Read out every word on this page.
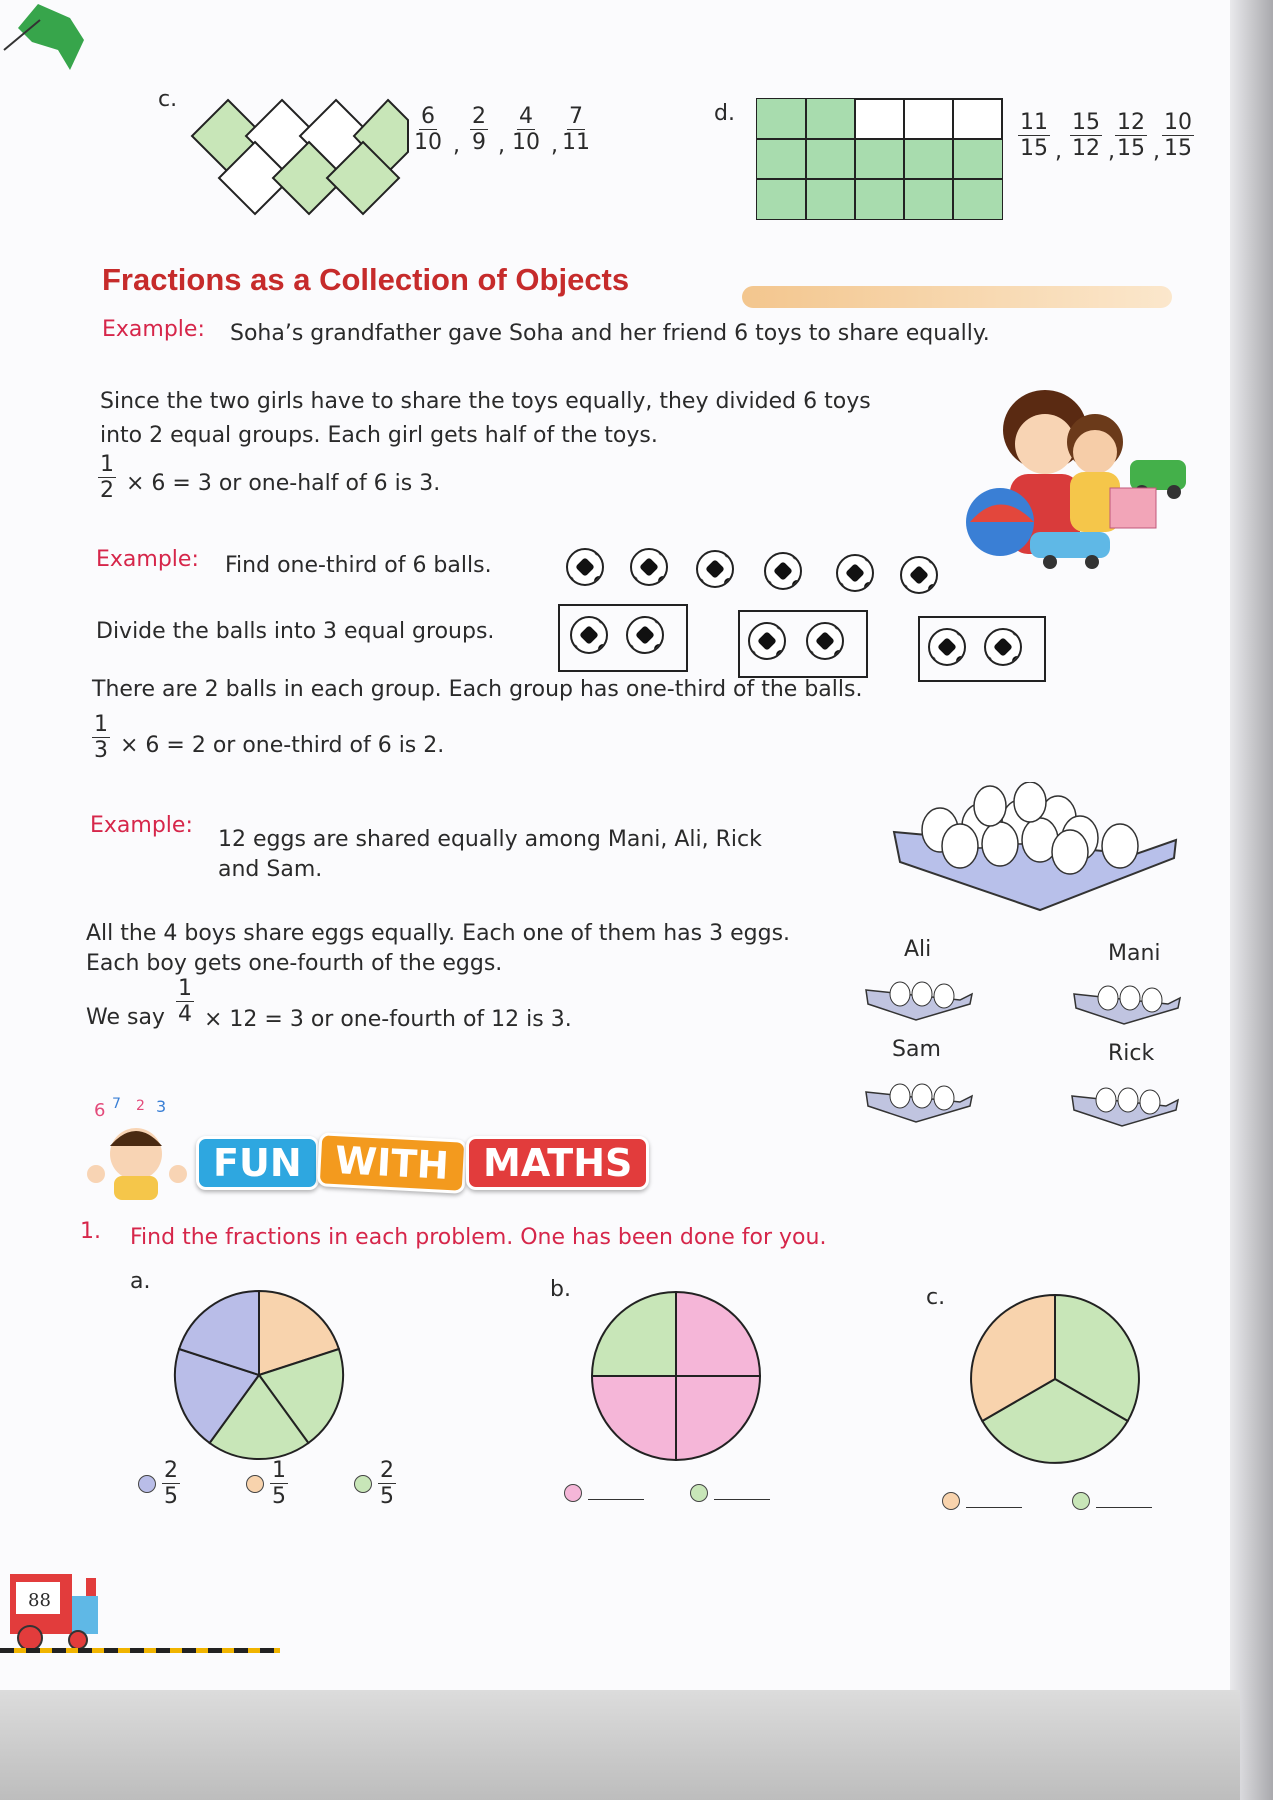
c.
$\frac{6}{10}$ , $\frac{2}{9}$ , $\frac{4}{10}$ , $\frac{7}{11}$	d.	$\frac{11}{15}$ , $\frac{15}{12}$ , $\frac{12}{15}$ , $\frac{10}{15}$
Fractions as a Collection of Objects
Example: Soha’s grandfather gave Soha and her friend 6 toys to share equally.
Since the two girls have to share the toys equally, they divided 6 toys
into 2 equal groups. Each girl gets half of the toys.
$\frac{1}{2} \times 6 = 3$ or one-half of 6 is 3.
Example: Find one-third of 6 balls.
Divide the balls into 3 equal groups.
There are 2 balls in each group. Each group has one-third of the balls.
$\frac{1}{3} \times 6 = 2$ or one-third of 6 is 2.
Example:
12 eggs are shared equally among Mani, Ali, Rick
and Sam.
All the 4 boys share eggs equally. Each one of them has 3 eggs.
Each boy gets one-fourth of the eggs.
We say $\frac{1}{4} \times 12 = 3$ or one-fourth of 12 is 3.
Ali	Mani
Sam	Rick
6 7 2 3
FUN WITH MATHS
1. Find the fractions in each problem. One has been done for you.
a.
$\frac{2}{5}$	$\frac{1}{5}$	$\frac{2}{5}$
b.	c.
88
